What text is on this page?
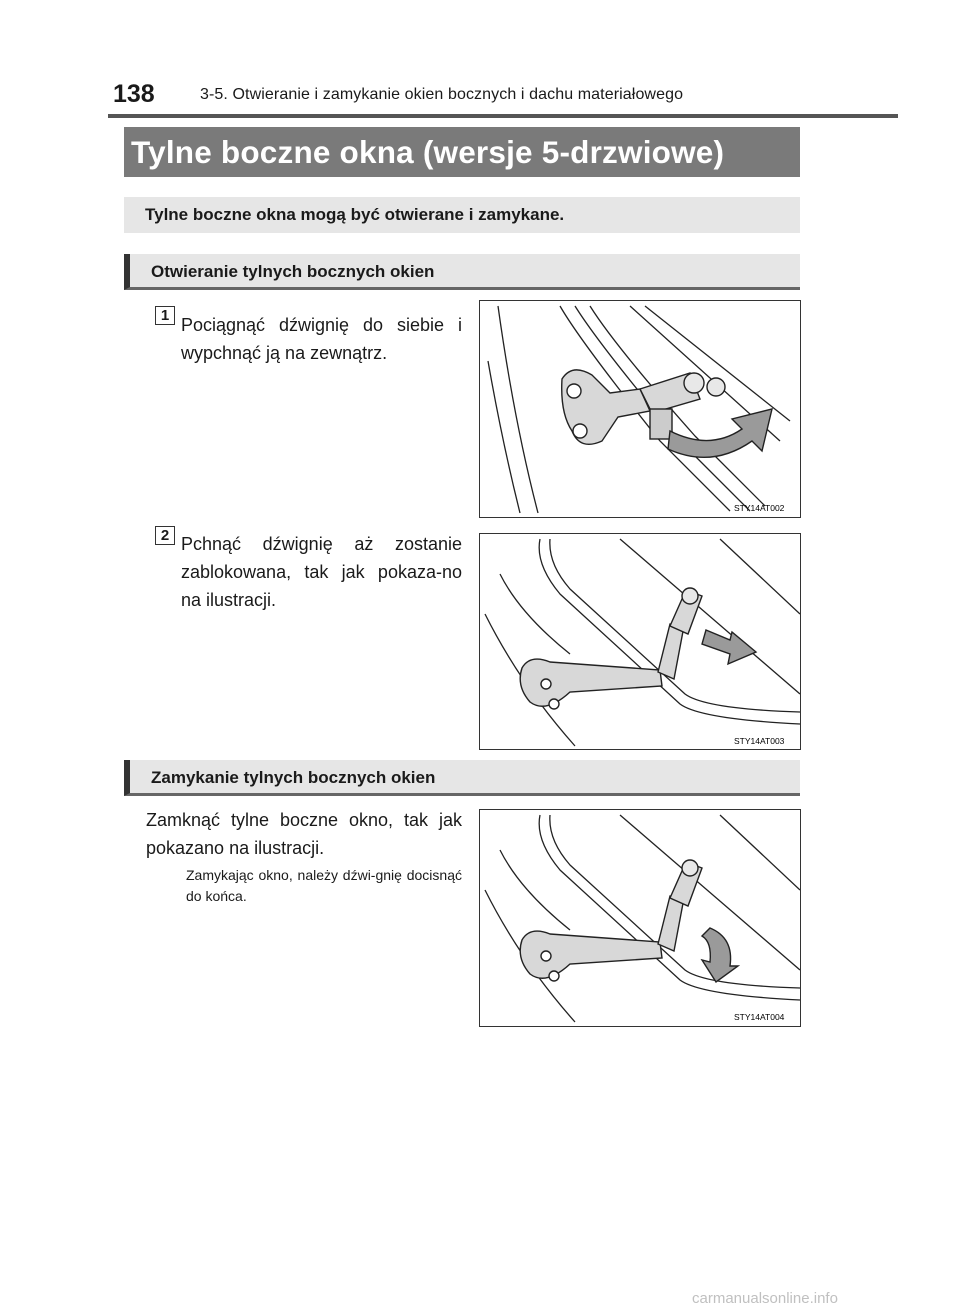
138	3-5. Otwieranie i zamykanie okien bocznych i dachu materiałowego
Tylne boczne okna (wersje 5-drzwiowe)
Tylne boczne okna mogą być otwierane i zamykane.
Otwieranie tylnych bocznych okien
1 Pociągnąć dźwignię do siebie i wypchnąć ją na zewnątrz.
STY14AT002
2 Pchnąć dźwignię aż zostanie zablokowana, tak jak pokaza-no na ilustracji.
STY14AT003
Zamykanie tylnych bocznych okien
Zamknąć tylne boczne okno, tak jak pokazano na ilustracji.
Zamykając okno, należy dźwi-gnię docisnąć do końca.
STY14AT004
carmanualsonline.info
